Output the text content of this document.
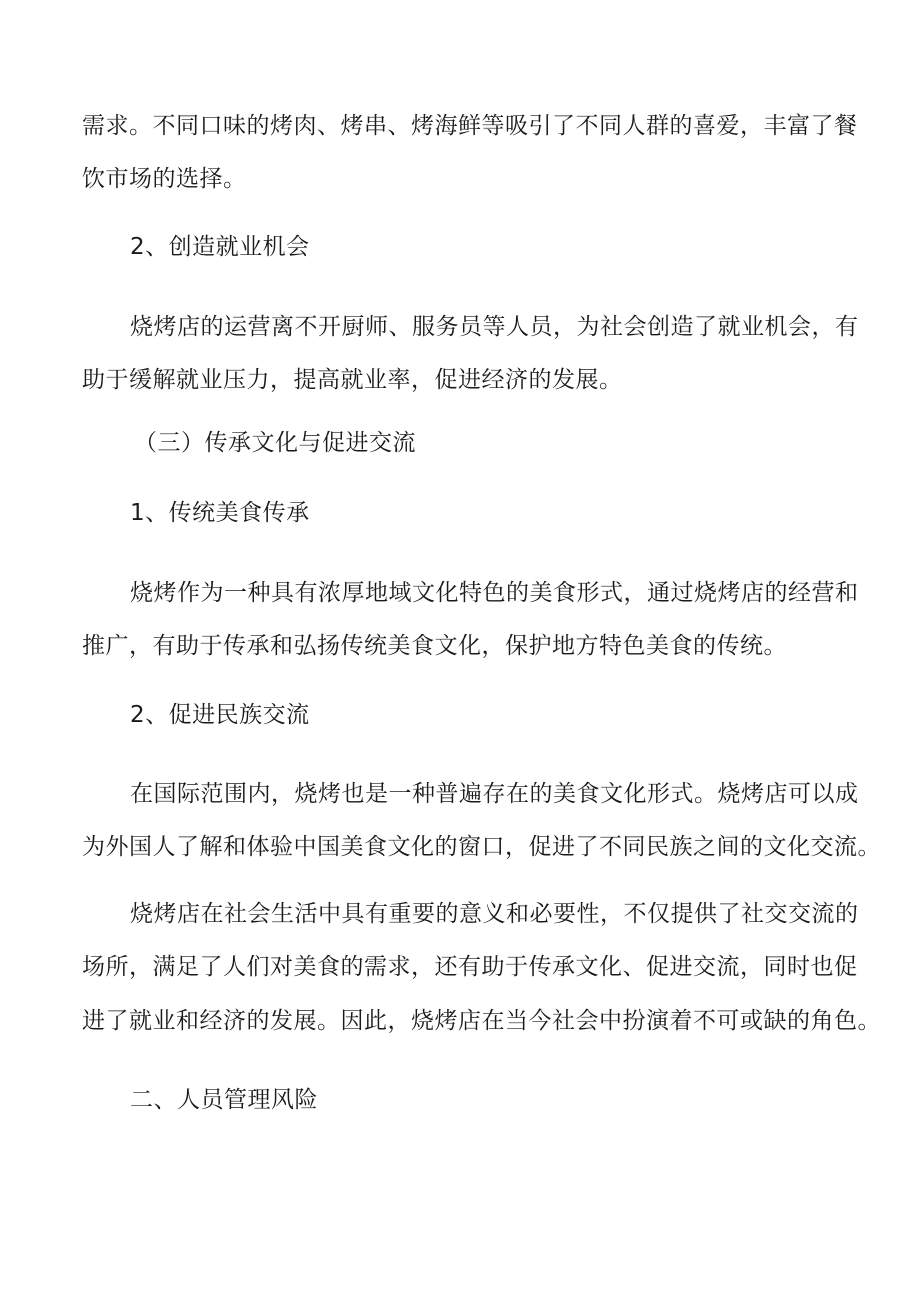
需求。不同口味的烤肉、烤串、烤海鲜等吸引了不同人群的喜爱，丰富了餐
饮市场的选择。
2、创造就业机会
烧烤店的运营离不开厨师、服务员等人员，为社会创造了就业机会，有
助于缓解就业压力，提高就业率，促进经济的发展。
（三）传承文化与促进交流
1、传统美食传承
烧烤作为一种具有浓厚地域文化特色的美食形式，通过烧烤店的经营和
推广，有助于传承和弘扬传统美食文化，保护地方特色美食的传统。
2、促进民族交流
在国际范围内，烧烤也是一种普遍存在的美食文化形式。烧烤店可以成
为外国人了解和体验中国美食文化的窗口，促进了不同民族之间的文化交流。
烧烤店在社会生活中具有重要的意义和必要性，不仅提供了社交交流的
场所，满足了人们对美食的需求，还有助于传承文化、促进交流，同时也促
进了就业和经济的发展。因此，烧烤店在当今社会中扮演着不可或缺的角色。
二、人员管理风险
